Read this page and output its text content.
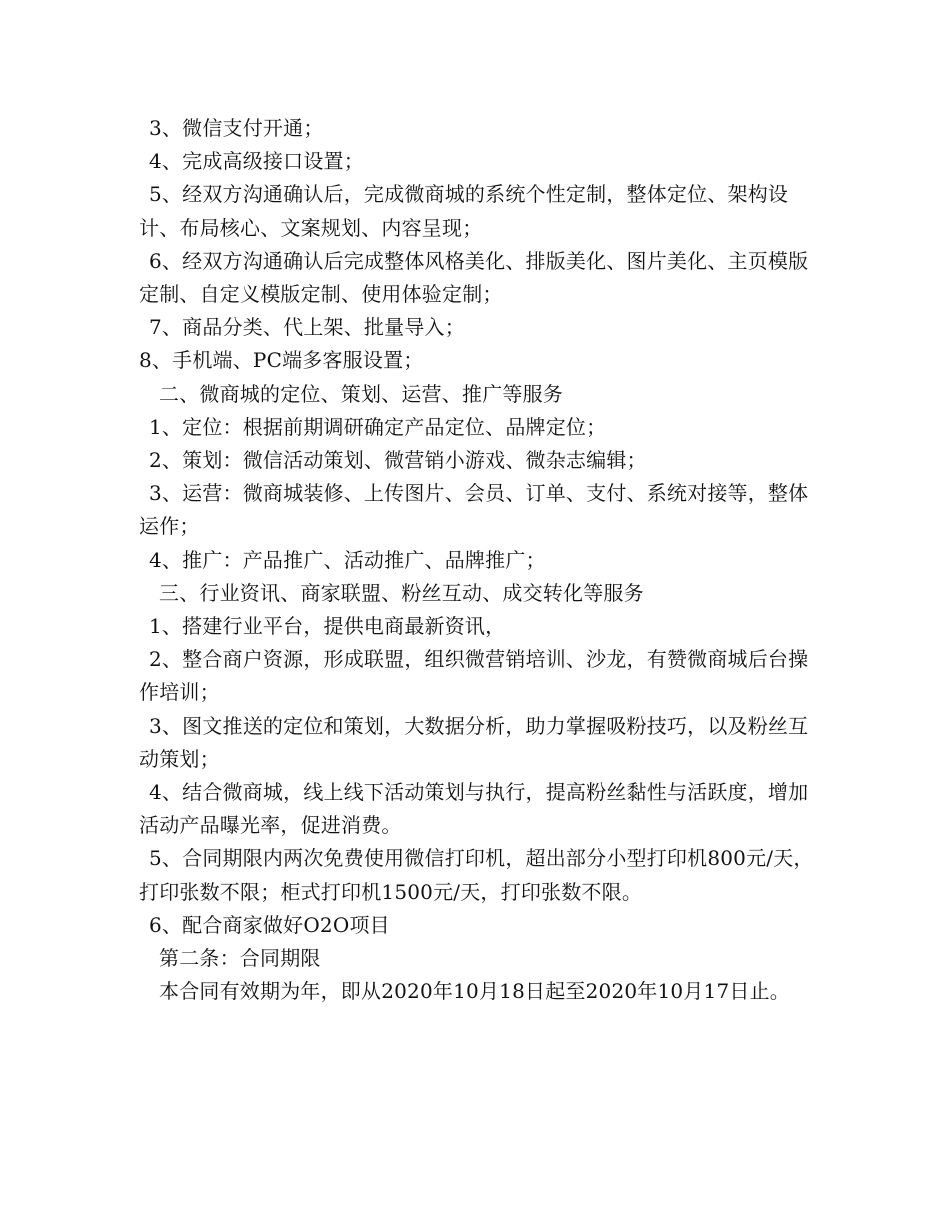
3、微信支付开通；

4、完成高级接口设置；

5、经双方沟通确认后，完成微商城的系统个性定制，整体定位、架构设计、布局核心、文案规划、内容呈现；

6、经双方沟通确认后完成整体风格美化、排版美化、图片美化、主页模版定制、自定义模版定制、使用体验定制；

7、商品分类、代上架、批量导入；

8、手机端、PC端多客服设置；

二、微商城的定位、策划、运营、推广等服务

1、定位：根据前期调研确定产品定位、品牌定位；

2、策划：微信活动策划、微营销小游戏、微杂志编辑；

3、运营：微商城装修、上传图片、会员、订单、支付、系统对接等，整体运作；

4、推广：产品推广、活动推广、品牌推广；

三、行业资讯、商家联盟、粉丝互动、成交转化等服务

1、搭建行业平台，提供电商最新资讯，

2、整合商户资源，形成联盟，组织微营销培训、沙龙，有赞微商城后台操作培训；

3、图文推送的定位和策划，大数据分析，助力掌握吸粉技巧，以及粉丝互动策划；

4、结合微商城，线上线下活动策划与执行，提高粉丝黏性与活跃度，增加活动产品曝光率，促进消费。

5、合同期限内两次免费使用微信打印机，超出部分小型打印机800元/天，打印张数不限；柜式打印机1500元/天，打印张数不限。

6、配合商家做好O2O项目

第二条：合同期限

本合同有效期为年，即从2020年10月18日起至2020年10月17日止。
